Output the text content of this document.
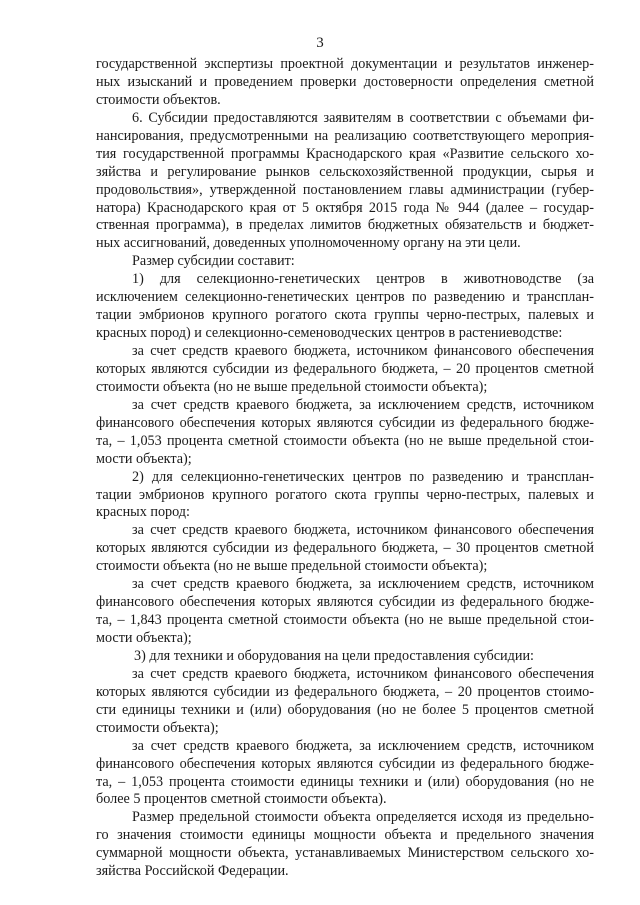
3
государственной экспертизы проектной документации и результатов инженер-
ных изысканий и проведением проверки достоверности определения сметной
стоимости объектов.
6. Субсидии предоставляются заявителям в соответствии с объемами фи-
нансирования, предусмотренными на реализацию соответствующего мероприя-
тия государственной программы Краснодарского края «Развитие сельского хо-
зяйства и регулирование рынков сельскохозяйственной продукции, сырья и
продовольствия», утвержденной постановлением главы администрации (губер-
натора) Краснодарского края от 5 октября 2015 года № 944 (далее – государ-
ственная программа), в пределах лимитов бюджетных обязательств и бюджет-
ных ассигнований, доведенных уполномоченному органу на эти цели.
Размер субсидии составит:
1) для селекционно-генетических центров в животноводстве (за
исключением селекционно-генетических центров по разведению и трансплан-
тации эмбрионов крупного рогатого скота группы черно-пестрых, палевых и
красных пород) и селекционно-семеноводческих центров в растениеводстве:
за счет средств краевого бюджета, источником финансового обеспечения
которых являются субсидии из федерального бюджета, – 20 процентов сметной
стоимости объекта (но не выше предельной стоимости объекта);
за счет средств краевого бюджета, за исключением средств, источником
финансового обеспечения которых являются субсидии из федерального бюдже-
та, – 1,053 процента сметной стоимости объекта (но не выше предельной стои-
мости объекта);
2) для селекционно-генетических центров по разведению и трансплан-
тации эмбрионов крупного рогатого скота группы черно-пестрых, палевых и
красных пород:
за счет средств краевого бюджета, источником финансового обеспечения
которых являются субсидии из федерального бюджета, – 30 процентов сметной
стоимости объекта (но не выше предельной стоимости объекта);
за счет средств краевого бюджета, за исключением средств, источником
финансового обеспечения которых являются субсидии из федерального бюдже-
та, – 1,843 процента сметной стоимости объекта (но не выше предельной стои-
мости объекта);
3) для техники и оборудования на цели предоставления субсидии:
за счет средств краевого бюджета, источником финансового обеспечения
которых являются субсидии из федерального бюджета, – 20 процентов стоимо-
сти единицы техники и (или) оборудования (но не более 5 процентов сметной
стоимости объекта);
за счет средств краевого бюджета, за исключением средств, источником
финансового обеспечения которых являются субсидии из федерального бюдже-
та, – 1,053 процента стоимости единицы техники и (или) оборудования (но не
более 5 процентов сметной стоимости объекта).
Размер предельной стоимости объекта определяется исходя из предельно-
го значения стоимости единицы мощности объекта и предельного значения
суммарной мощности объекта, устанавливаемых Министерством сельского хо-
зяйства Российской Федерации.
